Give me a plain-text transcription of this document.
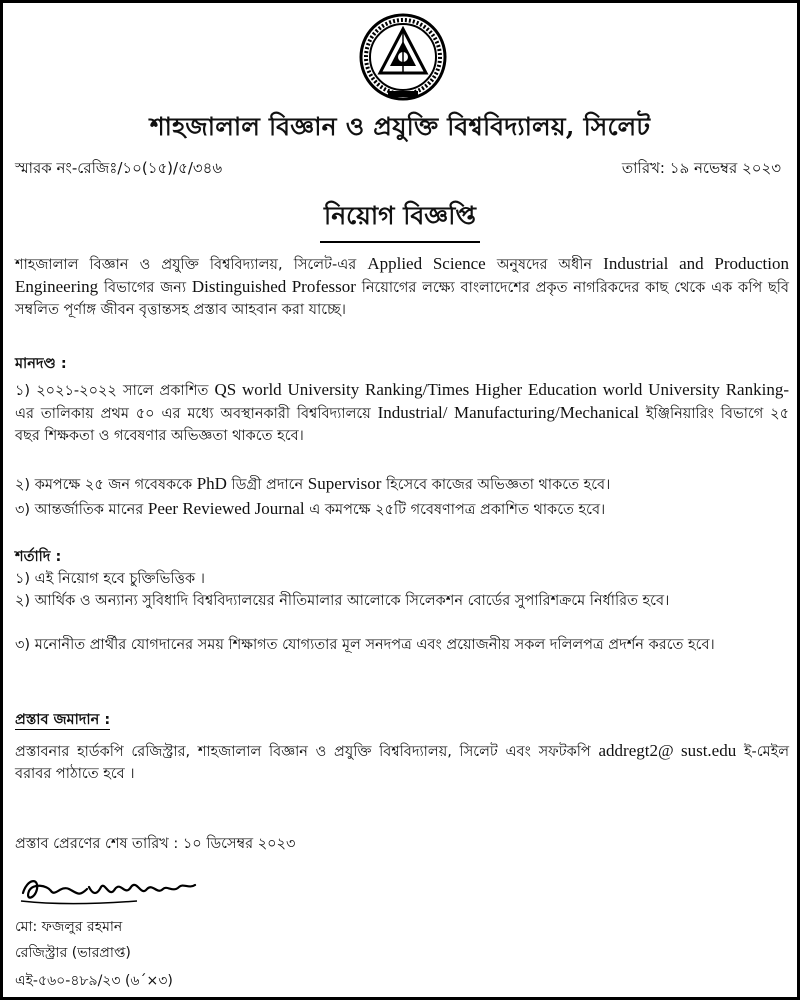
শাহজালাল বিজ্ঞান ও প্রযুক্তি বিশ্ববিদ্যালয়, সিলেট
স্মারক নং-রেজিঃ/১০(১৫)/৫/৩৪৬	তারিখ: ১৯ নভেম্বর ২০২৩
নিয়োগ বিজ্ঞপ্তি
শাহজালাল বিজ্ঞান ও প্রযুক্তি বিশ্ববিদ্যালয়, সিলেট-এর Applied Science অনুষদের অধীন Industrial and Production Engineering বিভাগের জন্য Distinguished Professor নিয়োগের লক্ষ্যে বাংলাদেশের প্রকৃত নাগরিকদের কাছ থেকে এক কপি ছবি সম্বলিত পূর্ণাঙ্গ জীবন বৃত্তান্তসহ প্রস্তাব আহবান করা যাচ্ছে।
মানদণ্ড :
১) ২০২১-২০২২ সালে প্রকাশিত QS world University Ranking/Times Higher Education world University Ranking- এর তালিকায় প্রথম ৫০ এর মধ্যে অবস্থানকারী বিশ্ববিদ্যালয়ে Industrial/ Manufacturing/Mechanical ইঞ্জিনিয়ারিং বিভাগে ২৫ বছর শিক্ষকতা ও গবেষণার অভিজ্ঞতা থাকতে হবে।
২) কমপক্ষে ২৫ জন গবেষককে PhD ডিগ্রী প্রদানে Supervisor হিসেবে কাজের অভিজ্ঞতা থাকতে হবে।
৩) আন্তর্জাতিক মানের Peer Reviewed Journal এ কমপক্ষে ২৫টি গবেষণাপত্র প্রকাশিত থাকতে হবে।
শর্তাদি :
১) এই নিয়োগ হবে চুক্তিভিত্তিক ।
২) আর্থিক ও অন্যান্য সুবিধাদি বিশ্ববিদ্যালয়ের নীতিমালার আলোকে সিলেকশন বোর্ডের সুপারিশক্রমে নির্ধারিত হবে।
৩) মনোনীত প্রার্থীর যোগদানের সময় শিক্ষাগত যোগ্যতার মূল সনদপত্র এবং প্রয়োজনীয় সকল দলিলপত্র প্রদর্শন করতে হবে।
প্রস্তাব জমাদান :
প্রস্তাবনার হার্ডকপি রেজিস্ট্রার, শাহজালাল বিজ্ঞান ও প্রযুক্তি বিশ্ববিদ্যালয়, সিলেট এবং সফটকপি addregt2@ sust.edu ই-মেইল বরাবর পাঠাতে হবে ।
প্রস্তাব প্রেরণের শেষ তারিখ : ১০ ডিসেম্বর ২০২৩
মো: ফজলুর রহমান
রেজিস্ট্রার (ভারপ্রাপ্ত)
এই-৫৬০-৪৮৯/২৩ (৬´×৩)
